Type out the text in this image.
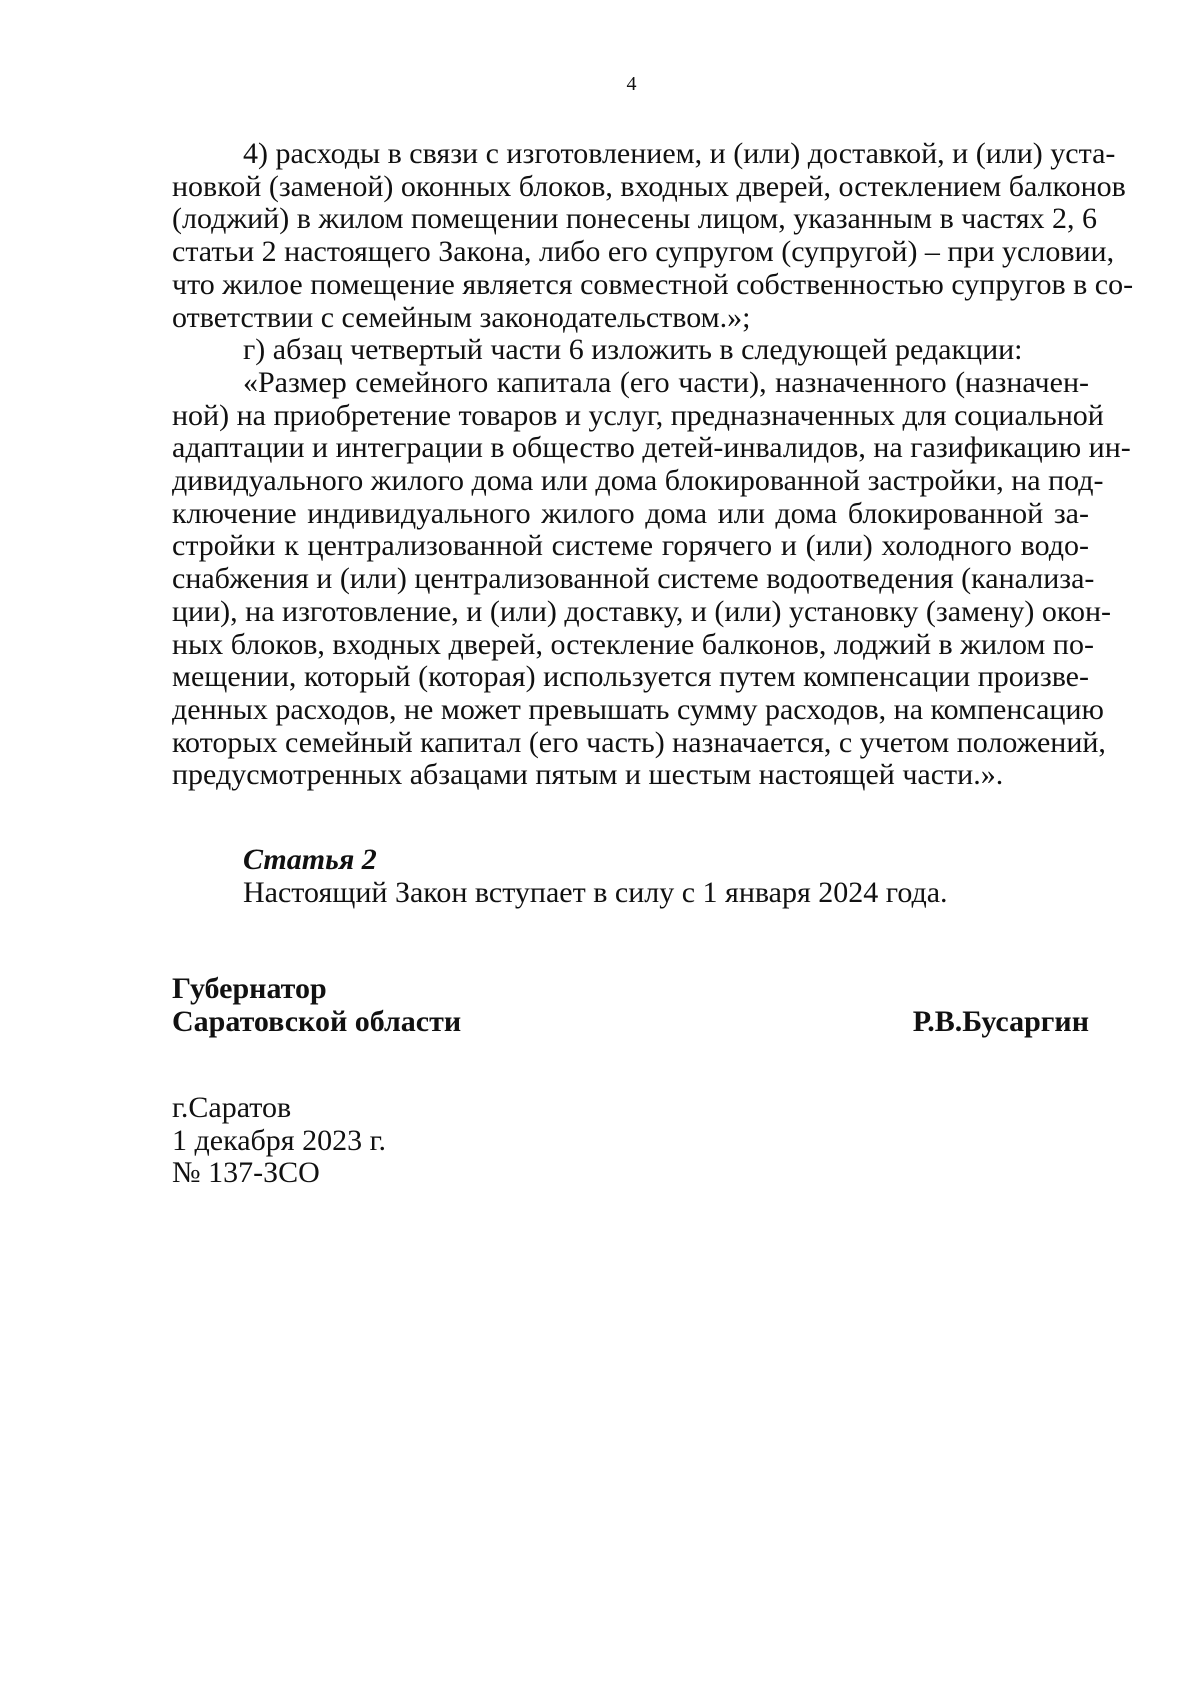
4
4) расходы в связи с изготовлением, и (или) доставкой, и (или) уста-
новкой (заменой) оконных блоков, входных дверей, остеклением балконов
(лоджий) в жилом помещении понесены лицом, указанным в частях 2, 6
статьи 2 настоящего Закона, либо его супругом (супругой) – при условии,
что жилое помещение является совместной собственностью супругов в со-
ответствии с семейным законодательством.»;
г) абзац четвертый части 6 изложить в следующей редакции:
«Размер семейного капитала (его части), назначенного (назначен-
ной) на приобретение товаров и услуг, предназначенных для социальной
адаптации и интеграции в общество детей-инвалидов, на газификацию ин-
дивидуального жилого дома или дома блокированной застройки, на под-
ключение индивидуального жилого дома или дома блокированной за-
стройки к централизованной системе горячего и (или) холодного водо-
снабжения и (или) централизованной системе водоотведения (канализа-
ции), на изготовление, и (или) доставку, и (или) установку (замену) окон-
ных блоков, входных дверей, остекление балконов, лоджий в жилом по-
мещении, который (которая) используется путем компенсации произве-
денных расходов, не может превышать сумму расходов, на компенсацию
которых семейный капитал (его часть) назначается, с учетом положений,
предусмотренных абзацами пятым и шестым настоящей части.».
Статья 2
Настоящий Закон вступает в силу с 1 января 2024 года.
Губернатор
Саратовской области	Р.В.Бусаргин
г.Саратов
1 декабря 2023 г.
№ 137-ЗСО
